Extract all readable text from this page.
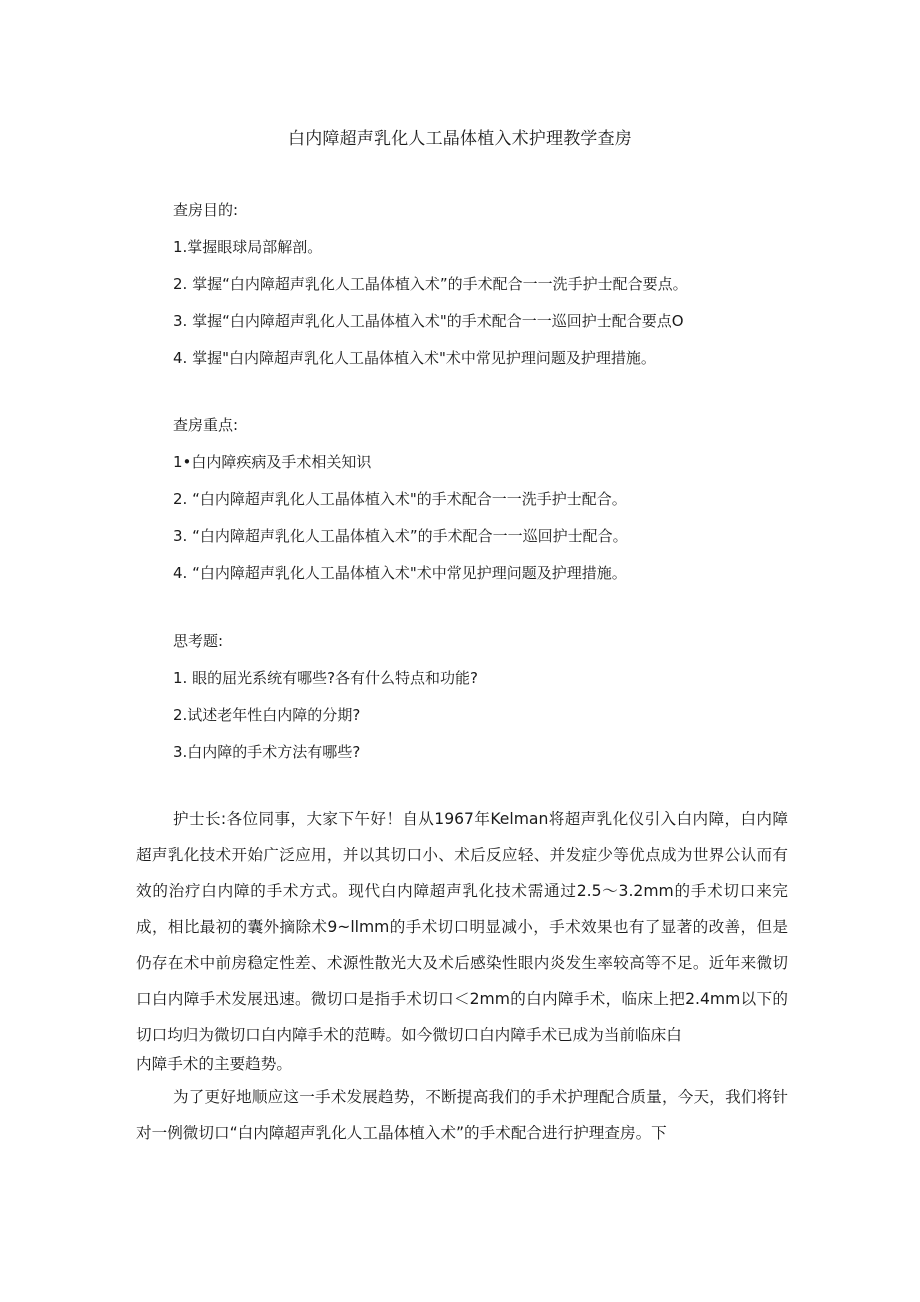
白内障超声乳化人工晶体植入术护理教学查房
查房目的:
1.掌握眼球局部解剖。
2. 掌握“白内障超声乳化人工晶体植入术”的手术配合一一洗手护士配合要点。
3. 掌握“白内障超声乳化人工晶体植入术"的手术配合一一巡回护士配合要点O
4. 掌握"白内障超声乳化人工晶体植入术"术中常见护理问题及护理措施。
查房重点:
1•白内障疾病及手术相关知识
2. “白内障超声乳化人工晶体植入术"的手术配合一一洗手护士配合。
3. “白内障超声乳化人工晶体植入术”的手术配合一一巡回护士配合。
4. “白内障超声乳化人工晶体植入术"术中常见护理问题及护理措施。
思考题:
1. 眼的屈光系统有哪些?各有什么特点和功能?
2.试述老年性白内障的分期?
3.白内障的手术方法有哪些?

护士长:各位同事，大家下午好！自从1967年Kelman将超声乳化仪引入白内障，白内障超声乳化技术开始广泛应用，并以其切口小、术后反应轻、并发症少等优点成为世界公认而有效的治疗白内障的手术方式。现代白内障超声乳化技术需通过2.5～3.2mm的手术切口来完成，相比最初的囊外摘除术9~llmm的手术切口明显减小，手术效果也有了显著的改善，但是仍存在术中前房稳定性差、术源性散光大及术后感染性眼内炎发生率较高等不足。近年来微切口白内障手术发展迅速。微切口是指手术切口＜2mm的白内障手术，临床上把2.4mm以下的切口均归为微切口白内障手术的范畴。如今微切口白内障手术已成为当前临床白

内障手术的主要趋势。

为了更好地顺应这一手术发展趋势，不断提高我们的手术护理配合质量，今天，我们将针对一例微切口“白内障超声乳化人工晶体植入术”的手术配合进行护理查房。下
